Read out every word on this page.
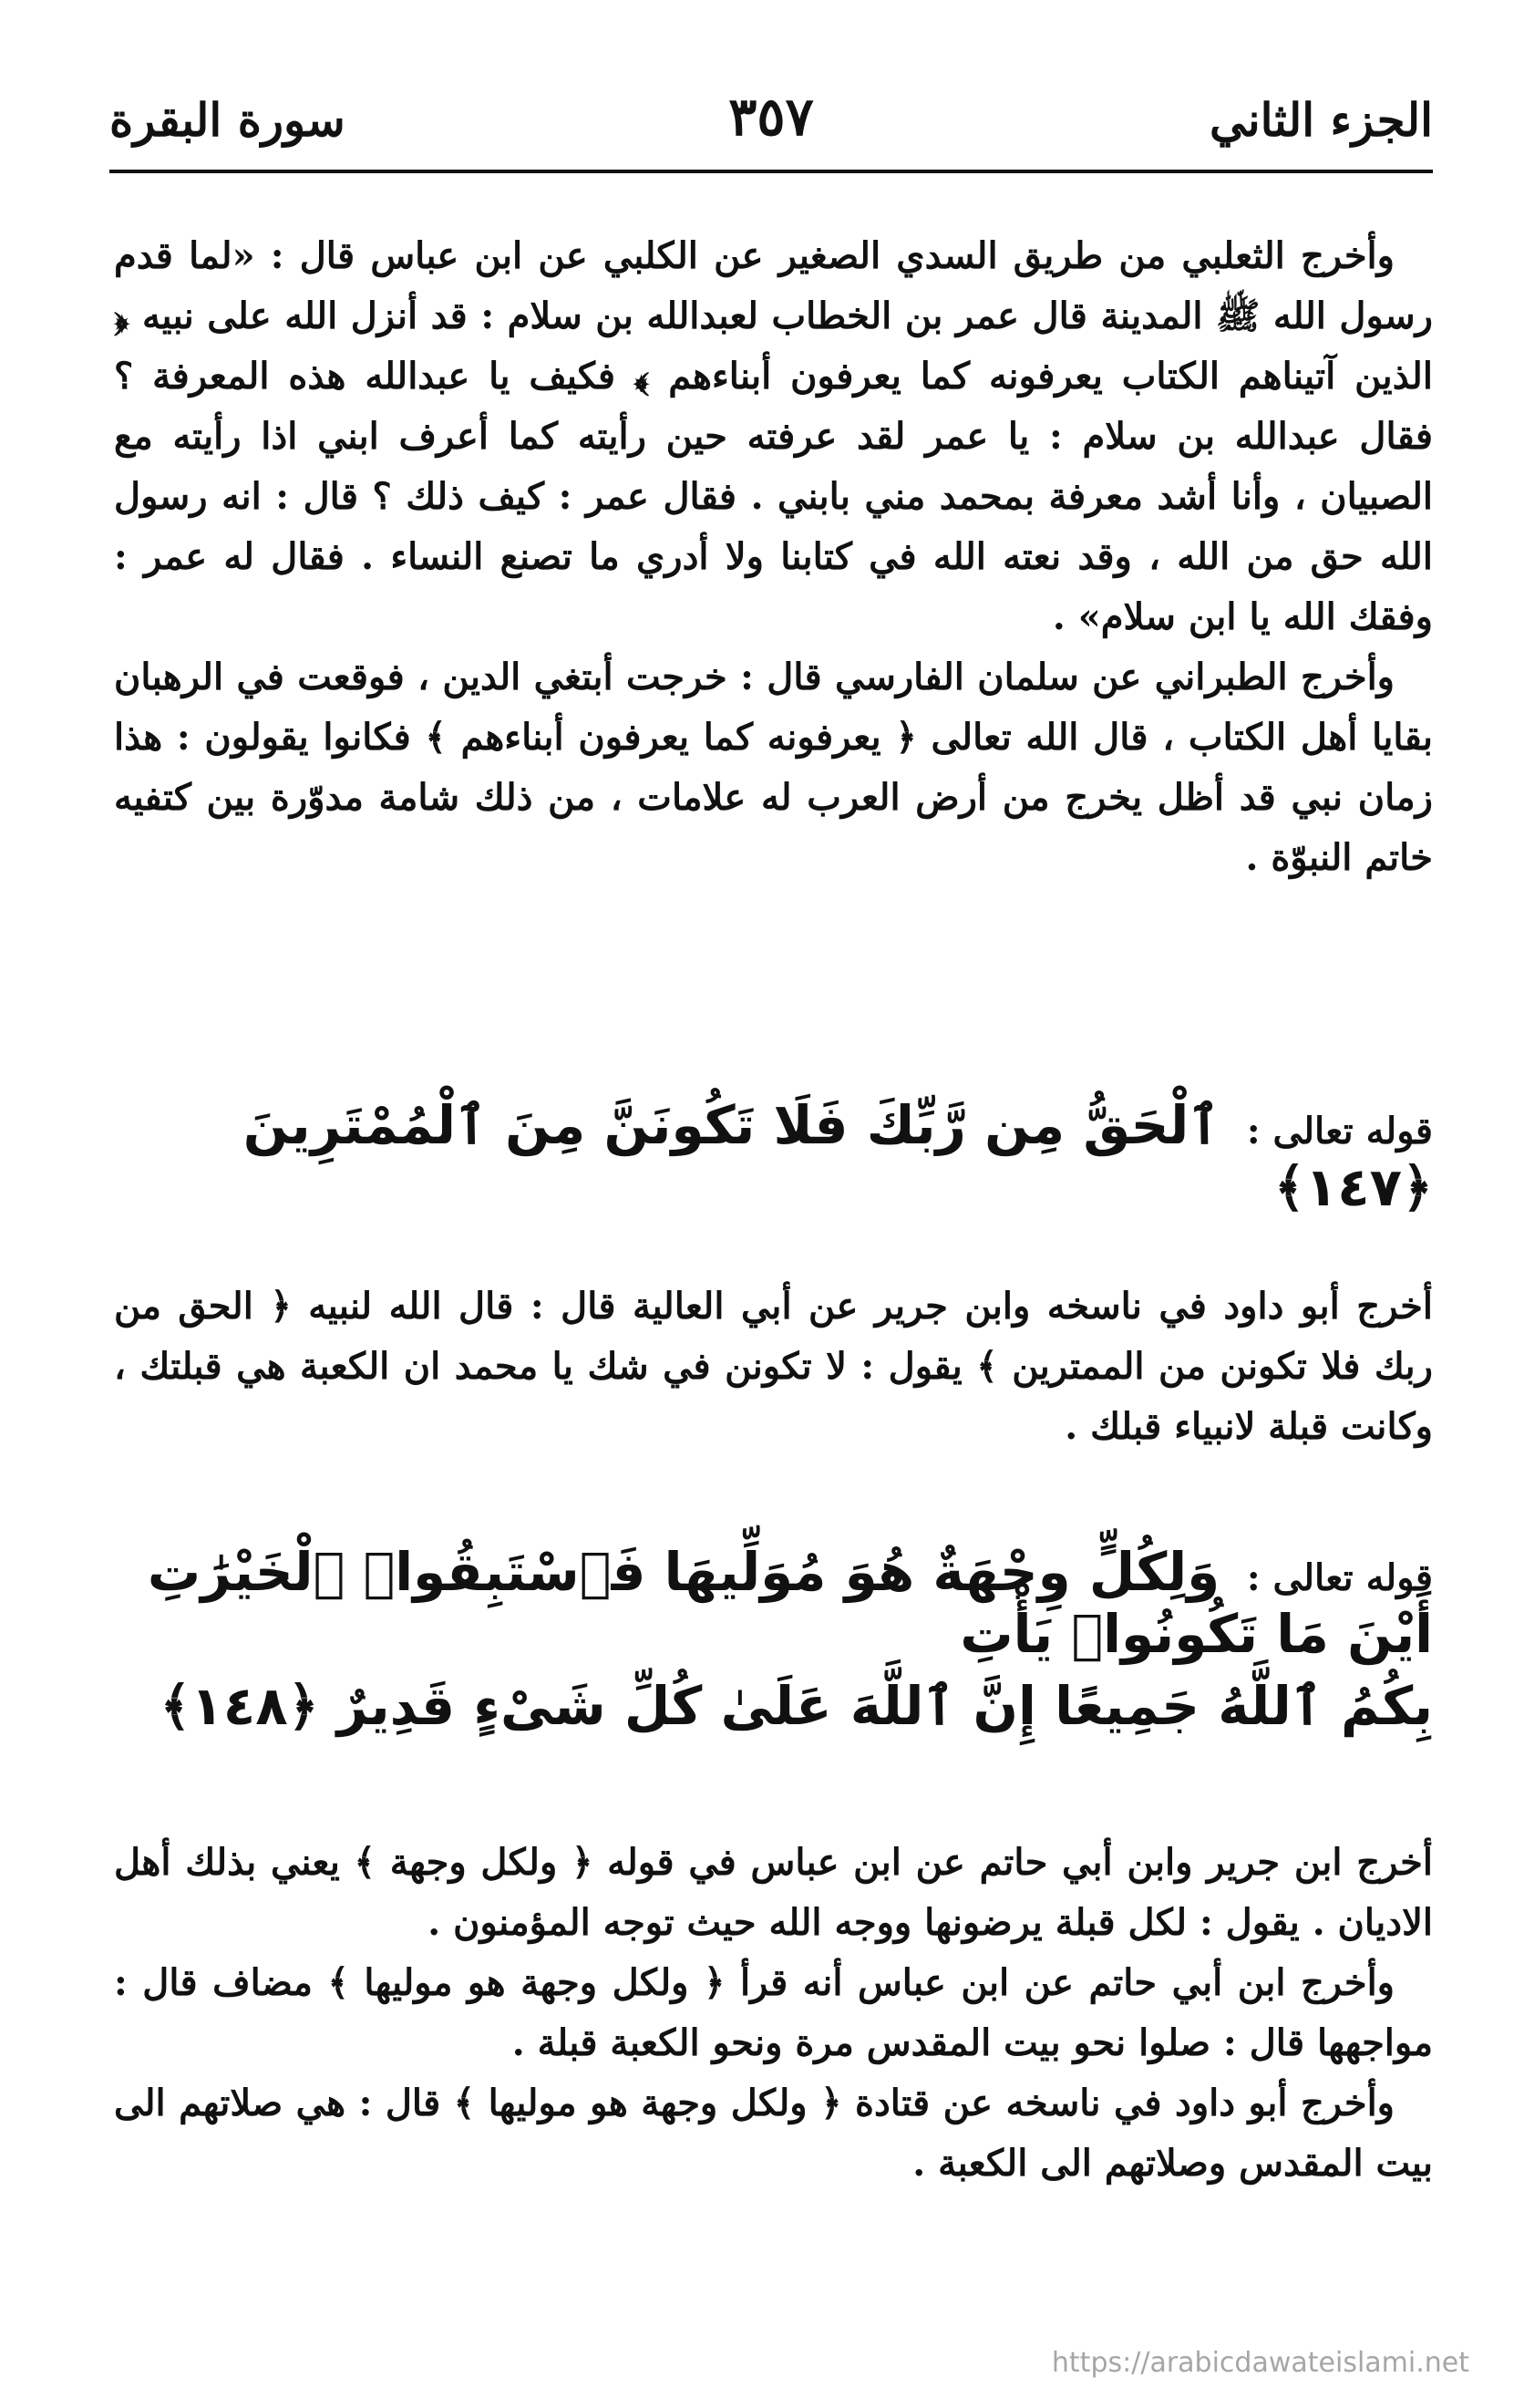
الجزء الثاني
٣٥٧
سورة البقرة

وأخرج الثعلبي من طريق السدي الصغير عن الكلبي عن ابن عباس قال : «لما قدم رسول الله ﷺ المدينة قال عمر بن الخطاب لعبدالله بن سلام : قد أنزل الله على نبيه ﴿ الذين آتيناهم الكتاب يعرفونه كما يعرفون أبناءهم ﴾ فكيف يا عبدالله هذه المعرفة ؟ فقال عبدالله بن سلام : يا عمر لقد عرفته حين رأيته كما أعرف ابني اذا رأيته مع الصبيان ، وأنا أشد معرفة بمحمد مني بابني . فقال عمر : كيف ذلك ؟ قال : انه رسول الله حق من الله ، وقد نعته الله في كتابنا ولا أدري ما تصنع النساء . فقال له عمر : وفقك الله يا ابن سلام» .

وأخرج الطبراني عن سلمان الفارسي قال : خرجت أبتغي الدين ، فوقعت في الرهبان بقايا أهل الكتاب ، قال الله تعالى ﴿ يعرفونه كما يعرفون أبناءهم ﴾ فكانوا يقولون : هذا زمان نبي قد أظل يخرج من أرض العرب له علامات ، من ذلك شامة مدوّرة بين كتفيه خاتم النبوّة .

قوله تعالى : ٱلْحَقُّ مِن رَّبِّكَ فَلَا تَكُونَنَّ مِنَ ٱلْمُمْتَرِينَ ﴿١٤٧﴾

أخرج أبو داود في ناسخه وابن جرير عن أبي العالية قال : قال الله لنبيه ﴿ الحق من ربك فلا تكونن من الممترين ﴾ يقول : لا تكونن في شك يا محمد ان الكعبة هي قبلتك ، وكانت قبلة لانبياء قبلك .

قوله تعالى : وَلِكُلٍّ وِجْهَةٌ هُوَ مُوَلِّيهَا فَٱسْتَبِقُوا۟ ٱلْخَيْرَٰتِ أَيْنَ مَا تَكُونُوا۟ يَأْتِ
بِكُمُ ٱللَّهُ جَمِيعًا إِنَّ ٱللَّهَ عَلَىٰ كُلِّ شَىْءٍ قَدِيرٌ ﴿١٤٨﴾

أخرج ابن جرير وابن أبي حاتم عن ابن عباس في قوله ﴿ ولكل وجهة ﴾ يعني بذلك أهل الاديان . يقول : لكل قبلة يرضونها ووجه الله حيث توجه المؤمنون .

وأخرج ابن أبي حاتم عن ابن عباس أنه قرأ ﴿ ولكل وجهة هو موليها ﴾ مضاف قال : مواجهها قال : صلوا نحو بيت المقدس مرة ونحو الكعبة قبلة .

وأخرج أبو داود في ناسخه عن قتادة ﴿ ولكل وجهة هو موليها ﴾ قال : هي صلاتهم الى بيت المقدس وصلاتهم الى الكعبة .

https://arabicdawateislami.net
